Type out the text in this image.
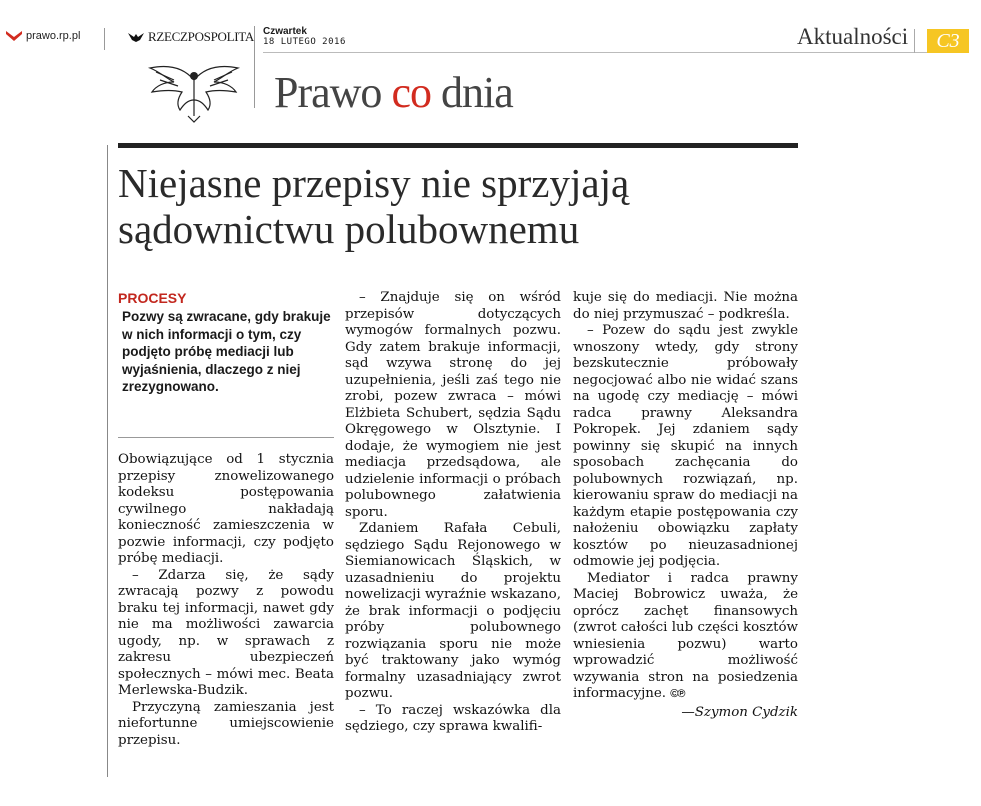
prawo.rp.pl	RZECZPOSPOLITA Czwartek
18 LUTEGO 2016	Aktualności	C3
Prawo co dnia
Niejasne przepisy nie sprzyjają sądownictwu polubownemu
PROCESY

Pozwy są zwracane, gdy brakuje w nich informacji o tym, czy podjęto próbę mediacji lub wyjaśnienia, dlaczego z niej zrezygnowano.

Obowiązujące od 1 stycznia przepisy znowelizowanego kodeksu postępowania cywilnego nakładają konieczność zamieszczenia w pozwie informacji, czy podjęto próbę mediacji.

– Zdarza się, że sądy zwracają pozwy z powodu braku tej informacji, nawet gdy nie ma możliwości zawarcia ugody, np. w sprawach z zakresu ubezpieczeń społecznych – mówi mec. Beata Merlewska-Budzik.

Przyczyną zamieszania jest niefortunne umiejscowienie przepisu.

– Znajduje się on wśród przepisów dotyczących wymogów formalnych pozwu. Gdy zatem brakuje informacji, sąd wzywa stronę do jej uzupełnienia, jeśli zaś tego nie zrobi, pozew zwraca – mówi Elżbieta Schubert, sędzia Sądu Okręgowego w Olsztynie. I dodaje, że wymogiem nie jest mediacja przedsądowa, ale udzielenie informacji o próbach polubownego załatwienia sporu.

Zdaniem Rafała Cebuli, sędziego Sądu Rejonowego w Siemianowicach Śląskich, w uzasadnieniu do projektu nowelizacji wyraźnie wskazano, że brak informacji o podjęciu próby polubownego rozwiązania sporu nie może być traktowany jako wymóg formalny uzasadniający zwrot pozwu.

– To raczej wskazówka dla sędziego, czy sprawa kwalifi-

kuje się do mediacji. Nie można do niej przymuszać – podkreśla.

– Pozew do sądu jest zwykle wnoszony wtedy, gdy strony bezskutecznie próbowały negocjować albo nie widać szans na ugodę czy mediację – mówi radca prawny Aleksandra Pokropek. Jej zdaniem sądy powinny się skupić na innych sposobach zachęcania do polubownych rozwiązań, np. kierowaniu spraw do mediacji na każdym etapie postępowania czy nałożeniu obowiązku zapłaty kosztów po nieuzasadnionej odmowie jej podjęcia.

Mediator i radca prawny Maciej Bobrowicz uważa, że oprócz zachęt finansowych (zwrot całości lub części kosztów wniesienia pozwu) warto wprowadzić możliwość wzywania stron na posiedzenia informacyjne. ©℗

—Szymon Cydzik
